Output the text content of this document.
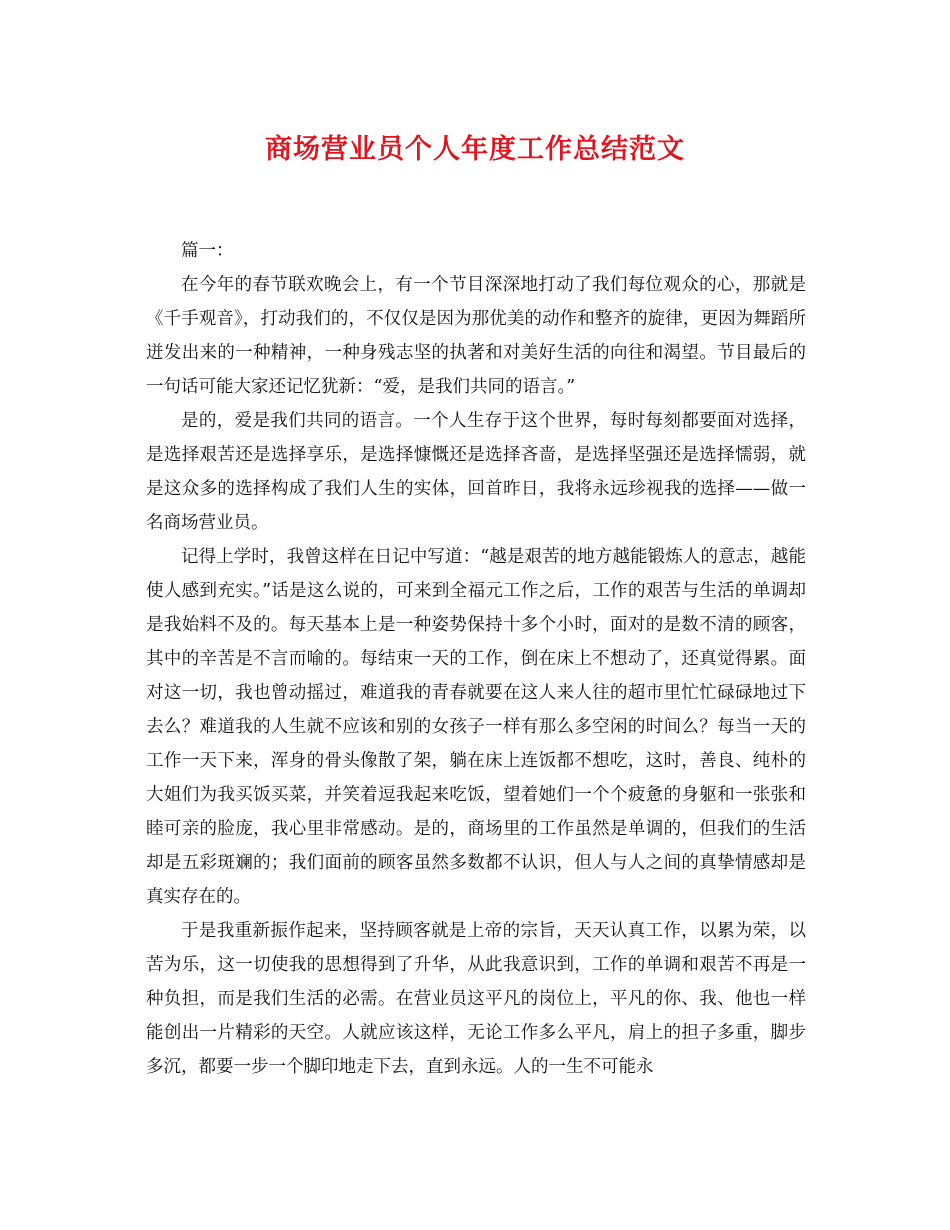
商场营业员个人年度工作总结范文

篇一：

在今年的春节联欢晚会上，有一个节目深深地打动了我们每位观众的心，那就是《千手观音》，打动我们的，不仅仅是因为那优美的动作和整齐的旋律，更因为舞蹈所迸发出来的一种精神，一种身残志坚的执著和对美好生活的向往和渴望。节目最后的一句话可能大家还记忆犹新：“爱，是我们共同的语言。”

是的，爱是我们共同的语言。一个人生存于这个世界，每时每刻都要面对选择，是选择艰苦还是选择享乐，是选择慷慨还是选择吝啬，是选择坚强还是选择懦弱，就是这众多的选择构成了我们人生的实体，回首昨日，我将永远珍视我的选择——做一名商场营业员。

记得上学时，我曾这样在日记中写道：“越是艰苦的地方越能锻炼人的意志，越能使人感到充实。”话是这么说的，可来到全福元工作之后，工作的艰苦与生活的单调却是我始料不及的。每天基本上是一种姿势保持十多个小时，面对的是数不清的顾客，其中的辛苦是不言而喻的。每结束一天的工作，倒在床上不想动了，还真觉得累。面对这一切，我也曾动摇过，难道我的青春就要在这人来人往的超市里忙忙碌碌地过下去么？难道我的人生就不应该和别的女孩子一样有那么多空闲的时间么？每当一天的工作一天下来，浑身的骨头像散了架，躺在床上连饭都不想吃，这时，善良、纯朴的大姐们为我买饭买菜，并笑着逗我起来吃饭，望着她们一个个疲惫的身躯和一张张和睦可亲的脸庞，我心里非常感动。是的，商场里的工作虽然是单调的，但我们的生活却是五彩斑斓的；我们面前的顾客虽然多数都不认识，但人与人之间的真挚情感却是真实存在的。

于是我重新振作起来，坚持顾客就是上帝的宗旨，天天认真工作，以累为荣，以苦为乐，这一切使我的思想得到了升华，从此我意识到，工作的单调和艰苦不再是一种负担，而是我们生活的必需。在营业员这平凡的岗位上，平凡的你、我、他也一样能创出一片精彩的天空。人就应该这样，无论工作多么平凡，肩上的担子多重，脚步多沉，都要一步一个脚印地走下去，直到永远。人的一生不可能永
